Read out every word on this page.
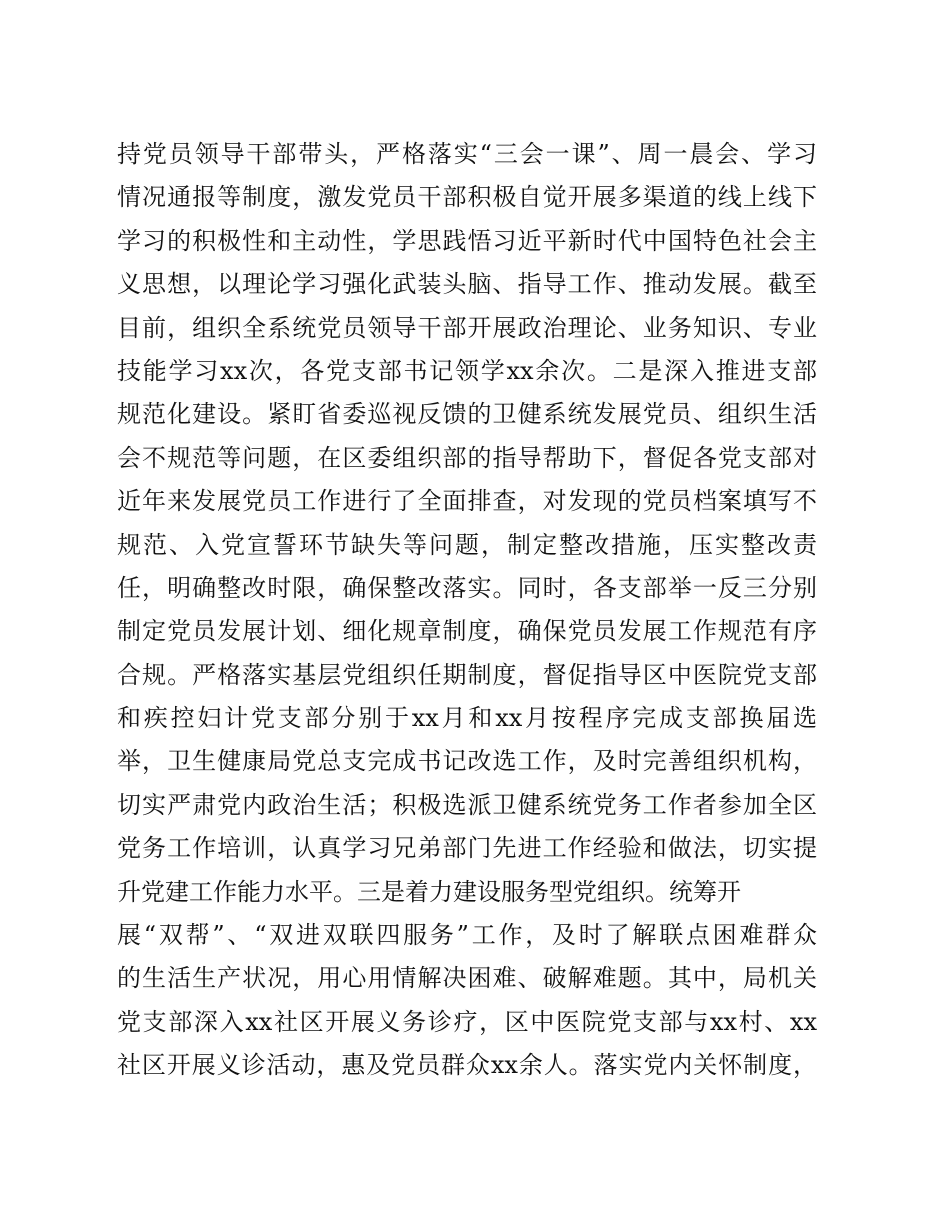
持党员领导干部带头，严格落实“三会一课”、周一晨会、学习
情况通报等制度，激发党员干部积极自觉开展多渠道的线上线下
学习的积极性和主动性，学思践悟习近平新时代中国特色社会主
义思想，以理论学习强化武装头脑、指导工作、推动发展。截至
目前，组织全系统党员领导干部开展政治理论、业务知识、专业
技能学习xx次，各党支部书记领学xx余次。二是深入推进支部
规范化建设。紧盯省委巡视反馈的卫健系统发展党员、组织生活
会不规范等问题，在区委组织部的指导帮助下，督促各党支部对
近年来发展党员工作进行了全面排查，对发现的党员档案填写不
规范、入党宣誓环节缺失等问题，制定整改措施，压实整改责
任，明确整改时限，确保整改落实。同时，各支部举一反三分别
制定党员发展计划、细化规章制度，确保党员发展工作规范有序
合规。严格落实基层党组织任期制度，督促指导区中医院党支部
和疾控妇计党支部分别于xx月和xx月按程序完成支部换届选
举，卫生健康局党总支完成书记改选工作，及时完善组织机构，
切实严肃党内政治生活；积极选派卫健系统党务工作者参加全区
党务工作培训，认真学习兄弟部门先进工作经验和做法，切实提
升党建工作能力水平。三是着力建设服务型党组织。统筹开
展“双帮”、“双进双联四服务”工作，及时了解联点困难群众
的生活生产状况，用心用情解决困难、破解难题。其中，局机关
党支部深入xx社区开展义务诊疗，区中医院党支部与xx村、xx
社区开展义诊活动，惠及党员群众xx余人。落实党内关怀制度，
